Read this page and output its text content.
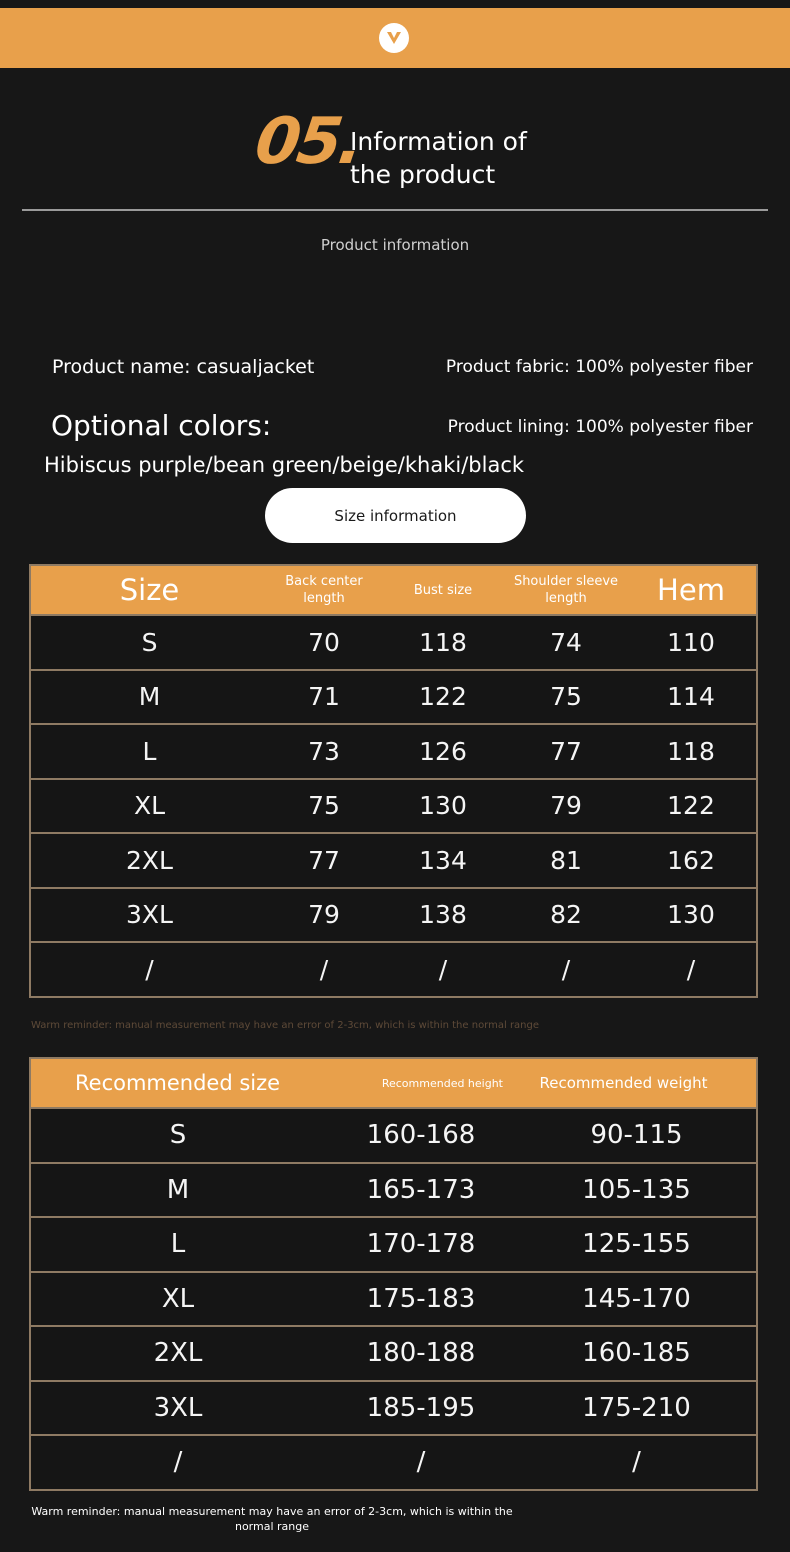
05.
Information of the product
Product information
Product name: casualjacket	Product fabric: 100% polyester fiber
Optional colors:	Product lining: 100% polyester fiber
Hibiscus purple/bean green/beige/khaki/black
Size information
Size	Back center length	Bust size	Shoulder sleeve length	Hem
S	70	118	74	110
M	71	122	75	114
L	73	126	77	118
XL	75	130	79	122
2XL	77	134	81	162
3XL	79	138	82	130
/	/	/	/	/
Warm reminder: manual measurement may have an error of 2-3cm, which is within the normal range
Recommended size	Recommended height	Recommended weight
S	160-168	90-115
M	165-173	105-135
L	170-178	125-155
XL	175-183	145-170
2XL	180-188	160-185
3XL	185-195	175-210
/	/	/
Warm reminder: manual measurement may have an error of 2-3cm, which is within the normal range
